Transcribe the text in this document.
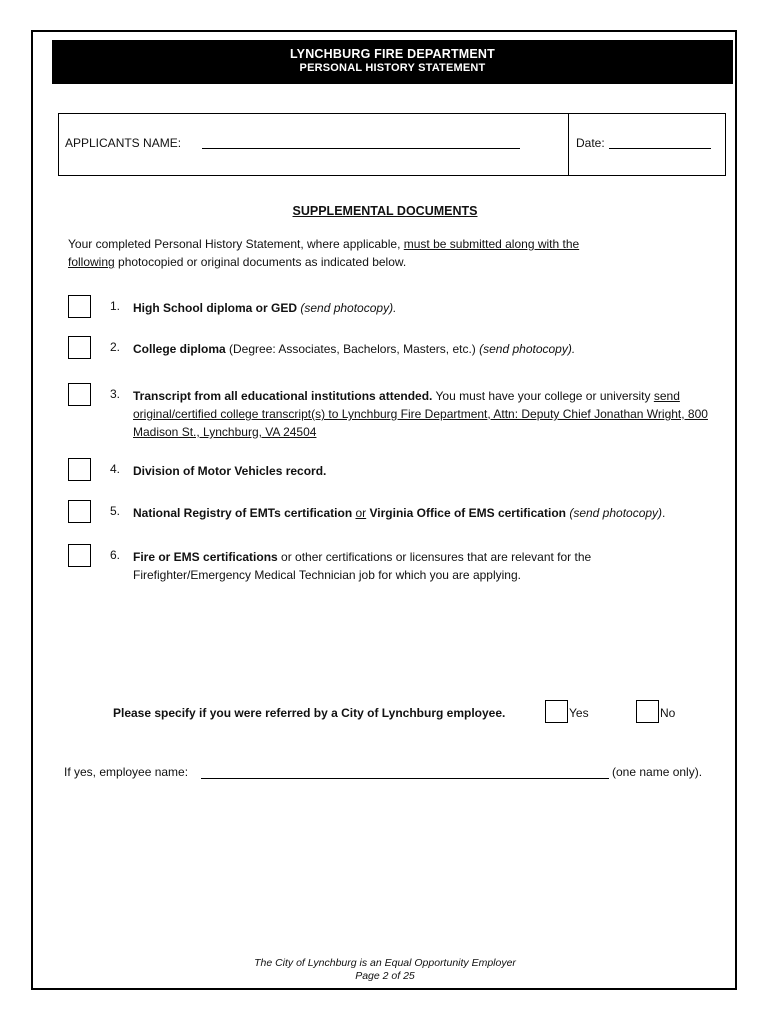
LYNCHBURG FIRE DEPARTMENT
PERSONAL HISTORY STATEMENT
APPLICANTS NAME:	Date:
SUPPLEMENTAL DOCUMENTS
Your completed Personal History Statement, where applicable, must be submitted along with the
following photocopied or original documents as indicated below.
1. High School diploma or GED (send photocopy).
2. College diploma (Degree: Associates, Bachelors, Masters, etc.) (send photocopy).
3. Transcript from all educational institutions attended. You must have your college or university send original/certified college transcript(s) to Lynchburg Fire Department, Attn: Deputy Chief Jonathan Wright, 800 Madison St., Lynchburg, VA 24504
4. Division of Motor Vehicles record.
5. National Registry of EMTs certification or Virginia Office of EMS certification (send photocopy).
6. Fire or EMS certifications or other certifications or licensures that are relevant for the Firefighter/Emergency Medical Technician job for which you are applying.
Please specify if you were referred by a City of Lynchburg employee.	Yes	No
If yes, employee name:	(one name only).
The City of Lynchburg is an Equal Opportunity Employer
Page 2 of 25
